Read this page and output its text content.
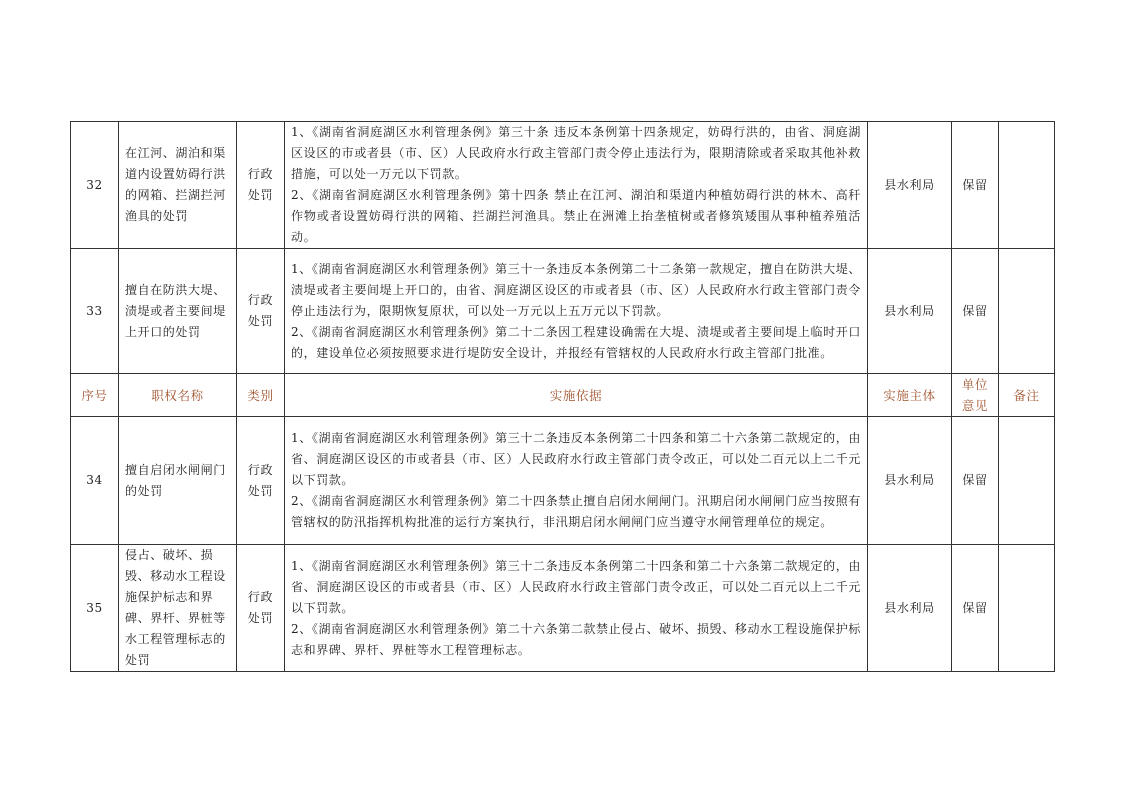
32	在江河、湖泊和渠道内设置妨碍行洪的网箱、拦湖拦河渔具的处罚	行政处罚	1、《湖南省洞庭湖区水利管理条例》第三十条 违反本条例第十四条规定，妨碍行洪的，由省、洞庭湖区设区的市或者县（市、区）人民政府水行政主管部门责令停止违法行为，限期清除或者采取其他补救措施，可以处一万元以下罚款。

2、《湖南省洞庭湖区水利管理条例》第十四条 禁止在江河、湖泊和渠道内种植妨碍行洪的林木、高秆作物或者设置妨碍行洪的网箱、拦湖拦河渔具。禁止在洲滩上抬垄植树或者修筑矮围从事种植养殖活动。	县水利局	保留	
33	擅自在防洪大堤、渍堤或者主要间堤上开口的处罚	行政处罚	1、《湖南省洞庭湖区水利管理条例》第三十一条违反本条例第二十二条第一款规定，擅自在防洪大堤、渍堤或者主要间堤上开口的，由省、洞庭湖区设区的市或者县（市、区）人民政府水行政主管部门责令停止违法行为，限期恢复原状，可以处一万元以上五万元以下罚款。

2、《湖南省洞庭湖区水利管理条例》第二十二条因工程建设确需在大堤、渍堤或者主要间堤上临时开口的，建设单位必须按照要求进行堤防安全设计，并报经有管辖权的人民政府水行政主管部门批准。	县水利局	保留	
序号	职权名称	类别	实施依据	实施主体	单位意见	备注
34	擅自启闭水闸闸门的处罚	行政处罚	1、《湖南省洞庭湖区水利管理条例》第三十二条违反本条例第二十四条和第二十六条第二款规定的，由省、洞庭湖区设区的市或者县（市、区）人民政府水行政主管部门责令改正，可以处二百元以上二千元以下罚款。

2、《湖南省洞庭湖区水利管理条例》第二十四条禁止擅自启闭水闸闸门。汛期启闭水闸闸门应当按照有管辖权的防汛指挥机构批准的运行方案执行，非汛期启闭水闸闸门应当遵守水闸管理单位的规定。	县水利局	保留	
35	侵占、破坏、损毁、移动水工程设施保护标志和界碑、界杆、界桩等水工程管理标志的处罚	行政处罚	1、《湖南省洞庭湖区水利管理条例》第三十二条违反本条例第二十四条和第二十六条第二款规定的，由省、洞庭湖区设区的市或者县（市、区）人民政府水行政主管部门责令改正，可以处二百元以上二千元以下罚款。

2、《湖南省洞庭湖区水利管理条例》第二十六条第二款禁止侵占、破坏、损毁、移动水工程设施保护标志和界碑、界杆、界桩等水工程管理标志。	县水利局	保留	
